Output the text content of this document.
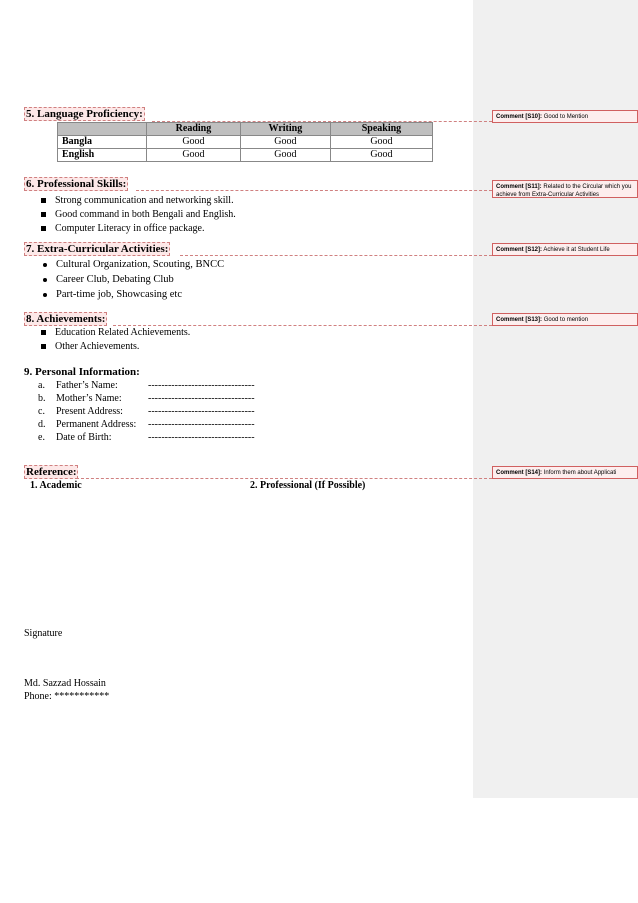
5. Language Proficiency:	Comment [S10]: Good to Mention
	Reading	Writing	Speaking
Bangla	Good	Good	Good
English	Good	Good	Good
6. Professional Skills:	Comment [S11]: Related to the Circular which you achieve from Extra-Curricular Activities
Strong communication and networking skill.
Good command in both Bengali and English.
Computer Literacy in office package.
7. Extra-Curricular Activities:	Comment [S12]: Achieve it at Student Life
Cultural Organization, Scouting, BNCC
Career Club, Debating Club
Part-time job, Showcasing etc
8. Achievements:	Comment [S13]: Good to mention
Education Related Achievements.
Other Achievements.
9. Personal Information:
a. Father’s Name:	--------------------------------
b. Mother’s Name:	--------------------------------
c. Present Address:	--------------------------------
d. Permanent Address: --------------------------------
e. Date of Birth:	--------------------------------
Reference:	Comment [S14]: Inform them about Applicati
1. Academic	2. Professional (If Possible)
Signature
Md. Sazzad Hossain
Phone: ***********
